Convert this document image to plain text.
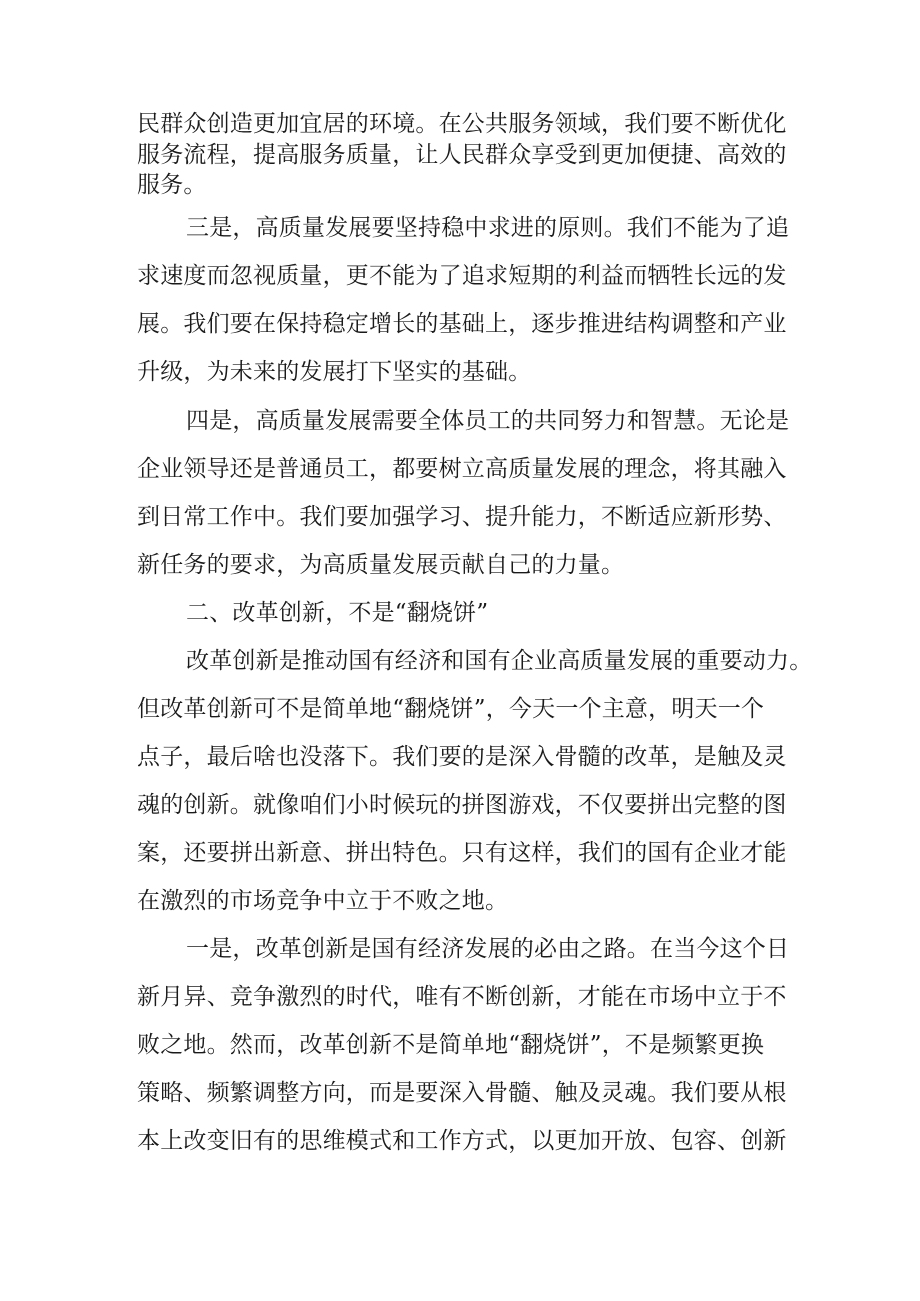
民群众创造更加宜居的环境。在公共服务领域，我们要不断优化

服务流程，提高服务质量，让人民群众享受到更加便捷、高效的

服务。

三是，高质量发展要坚持稳中求进的原则。我们不能为了追

求速度而忽视质量，更不能为了追求短期的利益而牺牲长远的发

展。我们要在保持稳定增长的基础上，逐步推进结构调整和产业

升级，为未来的发展打下坚实的基础。

四是，高质量发展需要全体员工的共同努力和智慧。无论是

企业领导还是普通员工，都要树立高质量发展的理念，将其融入

到日常工作中。我们要加强学习、提升能力，不断适应新形势、

新任务的要求，为高质量发展贡献自己的力量。

二、改革创新，不是“翻烧饼”

改革创新是推动国有经济和国有企业高质量发展的重要动力。

但改革创新可不是简单地“翻烧饼”，今天一个主意，明天一个

点子，最后啥也没落下。我们要的是深入骨髓的改革，是触及灵

魂的创新。就像咱们小时候玩的拼图游戏，不仅要拼出完整的图

案，还要拼出新意、拼出特色。只有这样，我们的国有企业才能

在激烈的市场竞争中立于不败之地。

一是，改革创新是国有经济发展的必由之路。在当今这个日

新月异、竞争激烈的时代，唯有不断创新，才能在市场中立于不

败之地。然而，改革创新不是简单地“翻烧饼”，不是频繁更换

策略、频繁调整方向，而是要深入骨髓、触及灵魂。我们要从根

本上改变旧有的思维模式和工作方式，以更加开放、包容、创新
